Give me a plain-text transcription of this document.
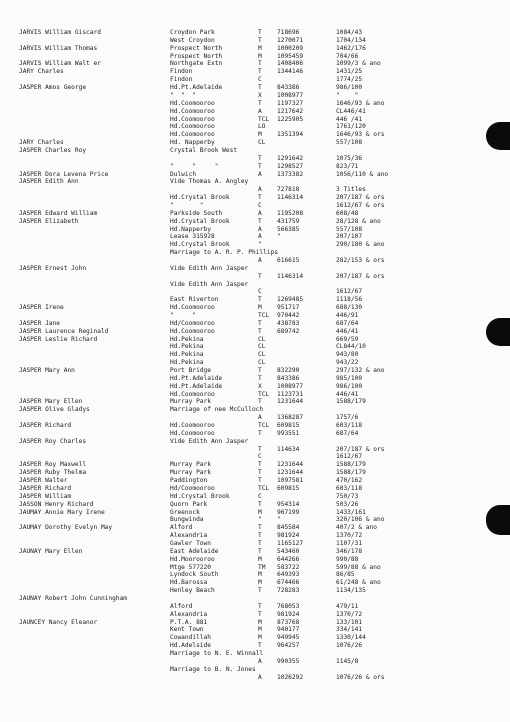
JARVIS William Giscard	Croydon Park	T 718696	1084/43
West Croydon	T 1270071	1704/134
JARVIS William Thomas	Prospect North	M 1000209	1462/176
Prospect North	M 1095459	704/66
JARVIS William Walt er	Northgate Extn	T 1408406	1099/3 & ano
JARY Charles	Findon	T 1344146	1431/25
Findon	C	1774/25
JASPER Amos George	Hd.Pt.Adelaide	T 843386	986/100
"  "  "	X 1008977	"    "
Hd.Coomooroo	T 1197327	1646/93 & ano
Hd.Coomooroo	A 1217642	CL446/41
Hd.Coomooroo	TCL 1225905	446 /41
Hd.Coomooroo	LO	1761/120
Hd.Coomooroo	M 1351394	1646/93 & ors
JARY Charles	Hd. Napperby	CL	557/108
JASPER Charles Roy	Crystal Brook West
T 1291642	1075/36
"     "     "	T 1298527	823/71
JASPER Dora Levena Price	Dulwich	A 1373382	1056/110 & ano
JASPER Edith Ann	Vide Thomas A. Angley
A 727818	3 Titles
Hd.Crystal Brook	T 1146314	207/187 & ors
"       "	C	1612/67 & ors
JASPER Edward William	Parkside South	A 1195208	608/48
JASPER Elizabeth	Hd.Crystal Brook	T 431759	28/128 & ano
Hd.Napperby	A 566385	557/108
Lease 315928	A "	207/107
Hd.Crystal Brook	"	290/180 & ano
Marriage to A. R. P. Phillips
A 616615	282/153 & ors
JASPER Ernest John	Vide Edith Ann Jasper
T 1146314	207/187 & ors
Vide Edith Ann Jasper
C	1612/67
East Riverton	T 1269485	1118/56
JASPER Irene	Hd.Coomooroo	M 951717	688/130
"     "	TCL 970442	446/91
JASPER Jane	Hd/Coomooroo	T 438783	687/64
JASPER Laurence Reginald	Hd.Coomooroo	T 689742	446/41
JASPER Leslie Richard	Hd.Pekina	CL	669/59
Hd.Pekina	CL	CL844/10
Hd.Pekina	CL	943/80
Hd.Pekina	CL	943/22
JASPER Mary Ann	Port Bridge	T 832290	297/132 & ano
Hd.Pt.Adelaide	T 843386	985/100
Hd.Pt.Adelaide	X 1008977	986/100
Hd.Coomooroo	TCL 1123731	446/41
JASPER Mary Ellen	Murray Park	T 1231644	1588/179
JASPER Olive Gladys	Marriage of nee McCulloch
A 1368287	1757/6
JASPER Richard	Hd.Coomooroo	TCL 609815	603/118
Hd.Coomooroo	T 993551	687/64
JASPER Roy Charles	Vide Edith Ann Jasper
T 114634	207/187 & ors
C	1612/67
JASPER Roy Maxwell	Murray Park	T 1231644	1588/179
JASPER Ruby Thelma	Murray Park	T 1231644	1588/179
JASPER Walter	Paddington	T 1097581	470/162
JASPER Richard	Hd/Coomooroo	TCL 609815	603/118
JASPER William	Hd.Crystal Brook	C	750/73
JASSON Henry Richard	Quorn Park	T 954314	503/26
JAUMAY Annie Mary Irene	Greenock	M 967199	1433/161
Bungwinda	" "	320/106 & ano
JAUMAY Dorothy Evelyn May	Alford	T 845584	407/2 & ano
Alexandria	T 981924	1370/72
Gawler Town	T 1165127	1107/31
JAUNAY Mary Ellen	East Adelaide	T 543460	346/178
Hd.Moorooroo	M 644266	990/88
Mtge 577220	TM 583722	599/88 & ano
Lyndock South	M 649393	86/85
Hd.Barossa	M 674466	61/248 & ano
Henley Beach	T 728283	1134/135
JAUNAY Robert John Cunningham
Alford	T 768053	479/11
Alexandria	T 981924	1370/72
JAUNCEY Nancy Eleanor	P.T.A. 881	M 873768	133/101
Kent Town	M 940177	334/141
Cowandillah	M 949945	1330/144
Hd.Adelside	T 964257	1076/26
Marriage to N. E. Winnall
A 990355	1145/8
Marriage to B. N. Jones
A 1026292	1076/26 & ors
